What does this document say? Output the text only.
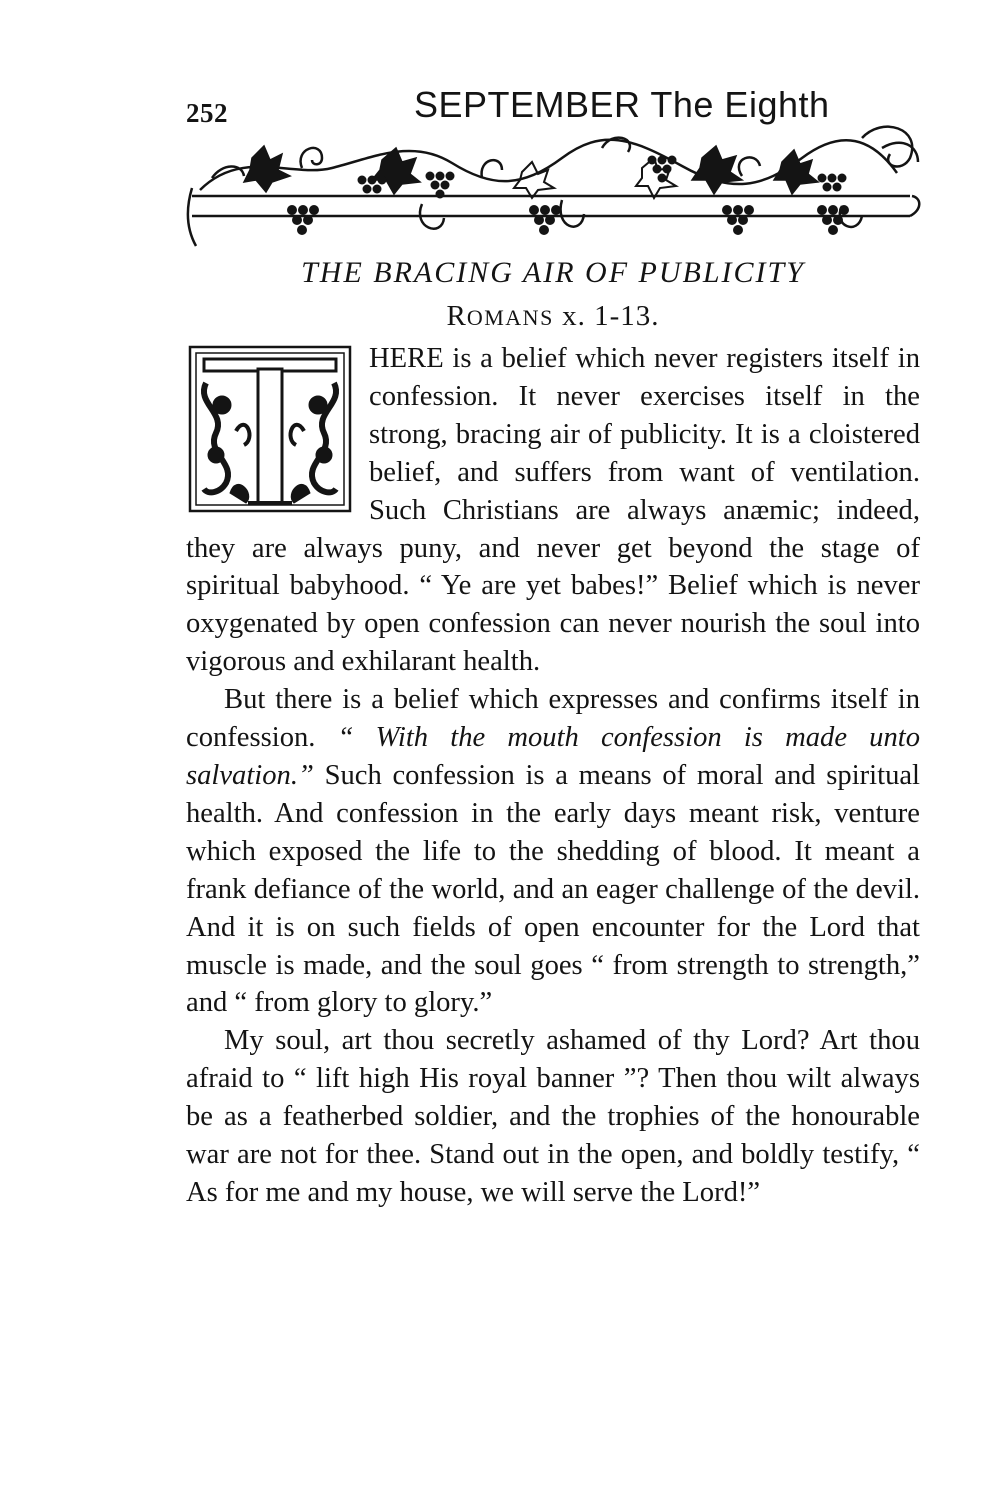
252	SEPTEMBER The Eighth
THE BRACING AIR OF PUBLICITY
ROMANS x. 1-13.

HERE is a belief which never registers itself in confession. It never exercises itself in the strong, bracing air of publicity. It is a cloistered belief, and suffers from want of ventilation. Such Christians are always anæmic; indeed, they are always puny, and never get beyond the stage of spiritual babyhood. “ Ye are yet babes!” Belief which is never oxygenated by open confession can never nourish the soul into vigorous and exhilarant health.

But there is a belief which expresses and confirms itself in confession. “ With the mouth confession is made unto salvation.” Such confession is a means of moral and spiritual health. And confession in the early days meant risk, venture which exposed the life to the shedding of blood. It meant a frank defiance of the world, and an eager challenge of the devil. And it is on such fields of open encounter for the Lord that muscle is made, and the soul goes “ from strength to strength,” and “ from glory to glory.”

My soul, art thou secretly ashamed of thy Lord? Art thou afraid to “ lift high His royal banner ”? Then thou wilt always be as a featherbed soldier, and the trophies of the honourable war are not for thee. Stand out in the open, and boldly testify, “ As for me and my house, we will serve the Lord!”
